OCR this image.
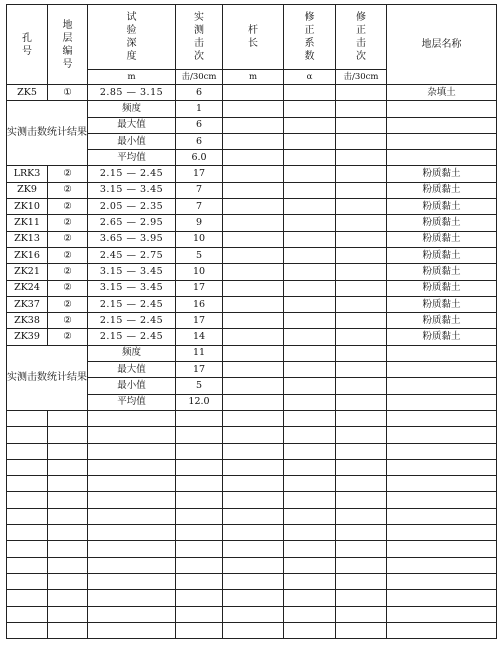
孔
号	地
层
编
号	试
验
深
度	实
测
击
次	杆
长	修
正
系
数	修
正
击
次	地层名称
		m	击/30cm	m	α	击/30cm	
ZK5	①	2.85 — 3.15	6				杂填土
实测击数统计结果		频度	1				
		最大值	6				
		最小值	6				
		平均值	6.0				
LRK3	②	2.15 — 2.45	17				粉质黏土
ZK9	②	3.15 — 3.45	7				粉质黏土
ZK10	②	2.05 — 2.35	7				粉质黏土
ZK11	②	2.65 — 2.95	9				粉质黏土
ZK13	②	3.65 — 3.95	10				粉质黏土
ZK16	②	2.45 — 2.75	5				粉质黏土
ZK21	②	3.15 — 3.45	10				粉质黏土
ZK24	②	3.15 — 3.45	17				粉质黏土
ZK37	②	2.15 — 2.45	16				粉质黏土
ZK38	②	2.15 — 2.45	17				粉质黏土
ZK39	②	2.15 — 2.45	14				粉质黏土
实测击数统计结果		频度	11				
		最大值	17				
		最小值	5				
		平均值	12.0				
